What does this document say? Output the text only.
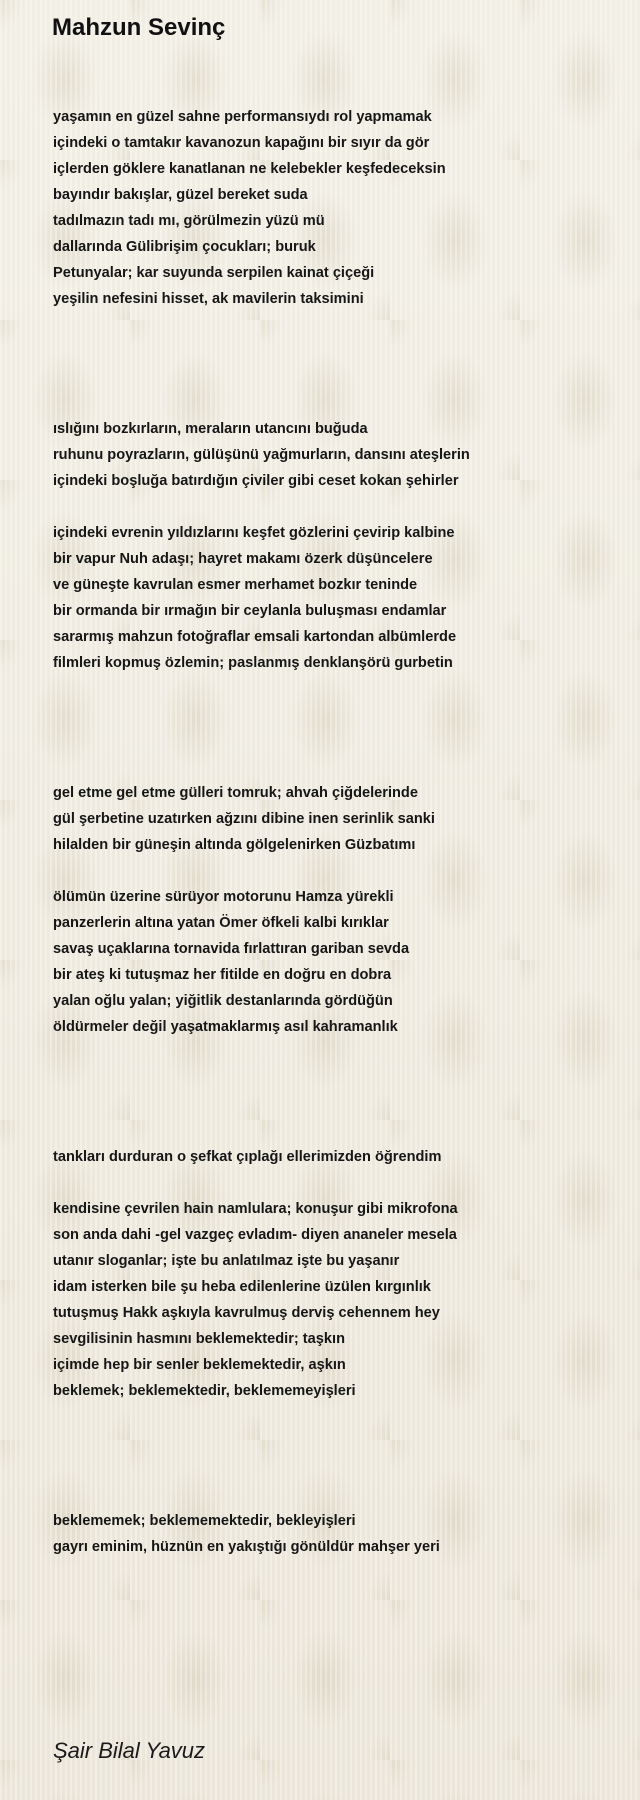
Mahzun Sevinç
yaşamın en güzel sahne performansıydı rol yapmamak
içindeki o tamtakır kavanozun kapağını bir sıyır da gör
içlerden göklere kanatlanan ne kelebekler keşfedeceksin
bayındır bakışlar, güzel bereket suda
tadılmazın tadı mı, görülmezin yüzü mü
dallarında Gülibrişim çocukları; buruk
Petunyalar; kar suyunda serpilen kainat çiçeği
yeşilin nefesini hisset, ak mavilerin taksimini
ıslığını bozkırların, meraların utancını buğuda
ruhunu poyrazların, gülüşünü yağmurların, dansını ateşlerin
içindeki boşluğa batırdığın çiviler gibi ceset kokan şehirler
içindeki evrenin yıldızlarını keşfet gözlerini çevirip kalbine
bir vapur Nuh adaşı; hayret makamı özerk düşüncelere
ve güneşte kavrulan esmer merhamet bozkır teninde
bir ormanda bir ırmağın bir ceylanla buluşması endamlar
sararmış mahzun fotoğraflar emsali kartondan albümlerde
filmleri kopmuş özlemin; paslanmış denklanşörü gurbetin
gel etme gel etme gülleri tomruk; ahvah çiğdelerinde
gül şerbetine uzatırken ağzını dibine inen serinlik sanki
hilalden bir güneşin altında gölgelenirken Güzbatımı
ölümün üzerine sürüyor motorunu Hamza yürekli
panzerlerin altına yatan Ömer öfkeli kalbi kırıklar
savaş uçaklarına tornavida fırlattıran gariban sevda
bir ateş ki tutuşmaz her fitilde en doğru en dobra
yalan oğlu yalan; yiğitlik destanlarında gördüğün
öldürmeler değil yaşatmaklarmış asıl kahramanlık
tankları durduran o şefkat çıplağı ellerimizden öğrendim
kendisine çevrilen hain namlulara; konuşur gibi mikrofona
son anda dahi -gel vazgeç evladım- diyen ananeler mesela
utanır sloganlar; işte bu anlatılmaz işte bu yaşanır
idam isterken bile şu heba edilenlerine üzülen kırgınlık
tutuşmuş Hakk aşkıyla kavrulmuş derviş cehennem hey
sevgilisinin hasmını beklemektedir; taşkın
içimde hep bir senler beklemektedir, aşkın
beklemek; beklemektedir, beklememeyişleri
beklememek; beklememektedir, bekleyişleri
gayrı eminim, hüznün en yakıştığı gönüldür mahşer yeri
Şair Bilal Yavuz
